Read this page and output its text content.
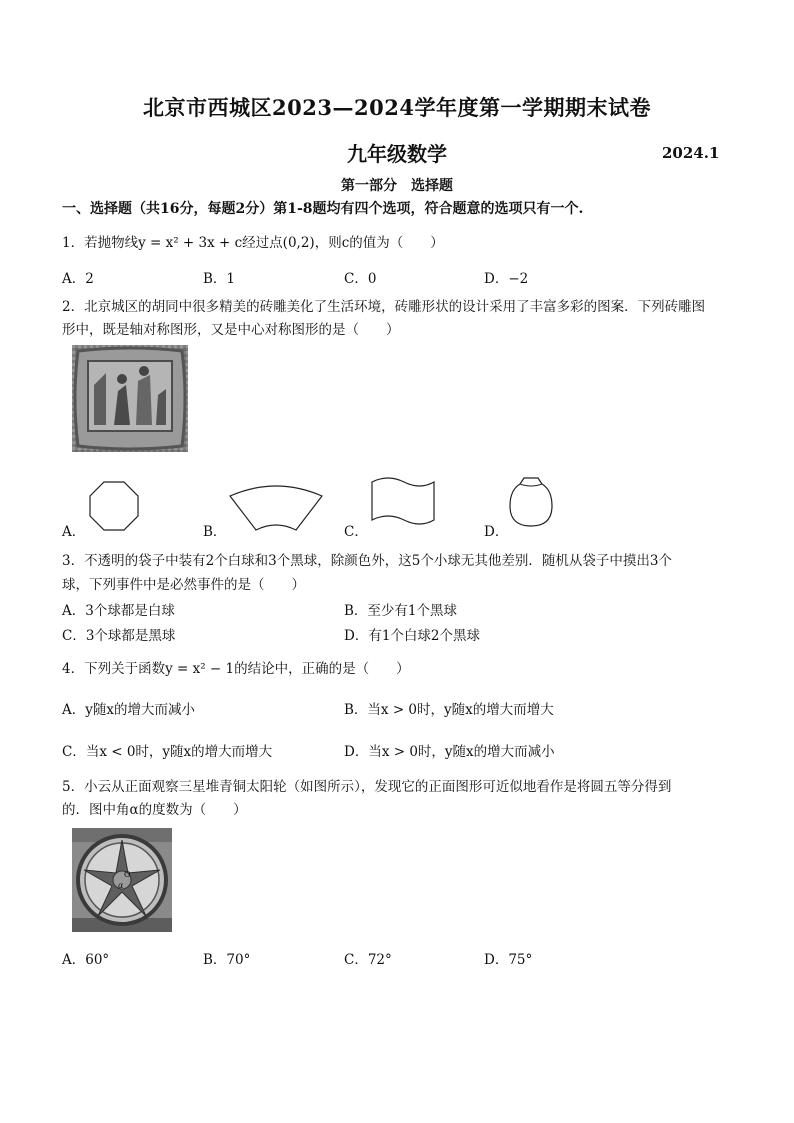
北京市西城区2023—2024学年度第一学期期末试卷
九年级数学	2024.1
第一部分　选择题
一、选择题（共16分，每题2分）第1-8题均有四个选项，符合题意的选项只有一个.
1．若抛物线y = x² + 3x + c经过点(0,2)，则c的值为（　　）
A．2	B．1	C．0	D．−2
2．北京城区的胡同中很多精美的砖雕美化了生活环境，砖雕形状的设计采用了丰富多彩的图案．下列砖雕图
形中，既是轴对称图形，又是中心对称图形的是（　　）
A．	B．	C．	D．
3．不透明的袋子中装有2个白球和3个黑球，除颜色外，这5个小球无其他差别．随机从袋子中摸出3个
球，下列事件中是必然事件的是（　　）
A．3个球都是白球	B．至少有1个黑球
C．3个球都是黑球	D．有1个白球2个黑球
4．下列关于函数y = x² − 1的结论中，正确的是（　　）
A．y随x的增大而减小	B．当x > 0时，y随x的增大而增大
C．当x < 0时，y随x的增大而增大	D．当x > 0时，y随x的增大而减小
5．小云从正面观察三星堆青铜太阳轮（如图所示），发现它的正面图形可近似地看作是将圆五等分得到
的．图中角α的度数为（　　）
O
α
A．60°	B．70°	C．72°	D．75°
